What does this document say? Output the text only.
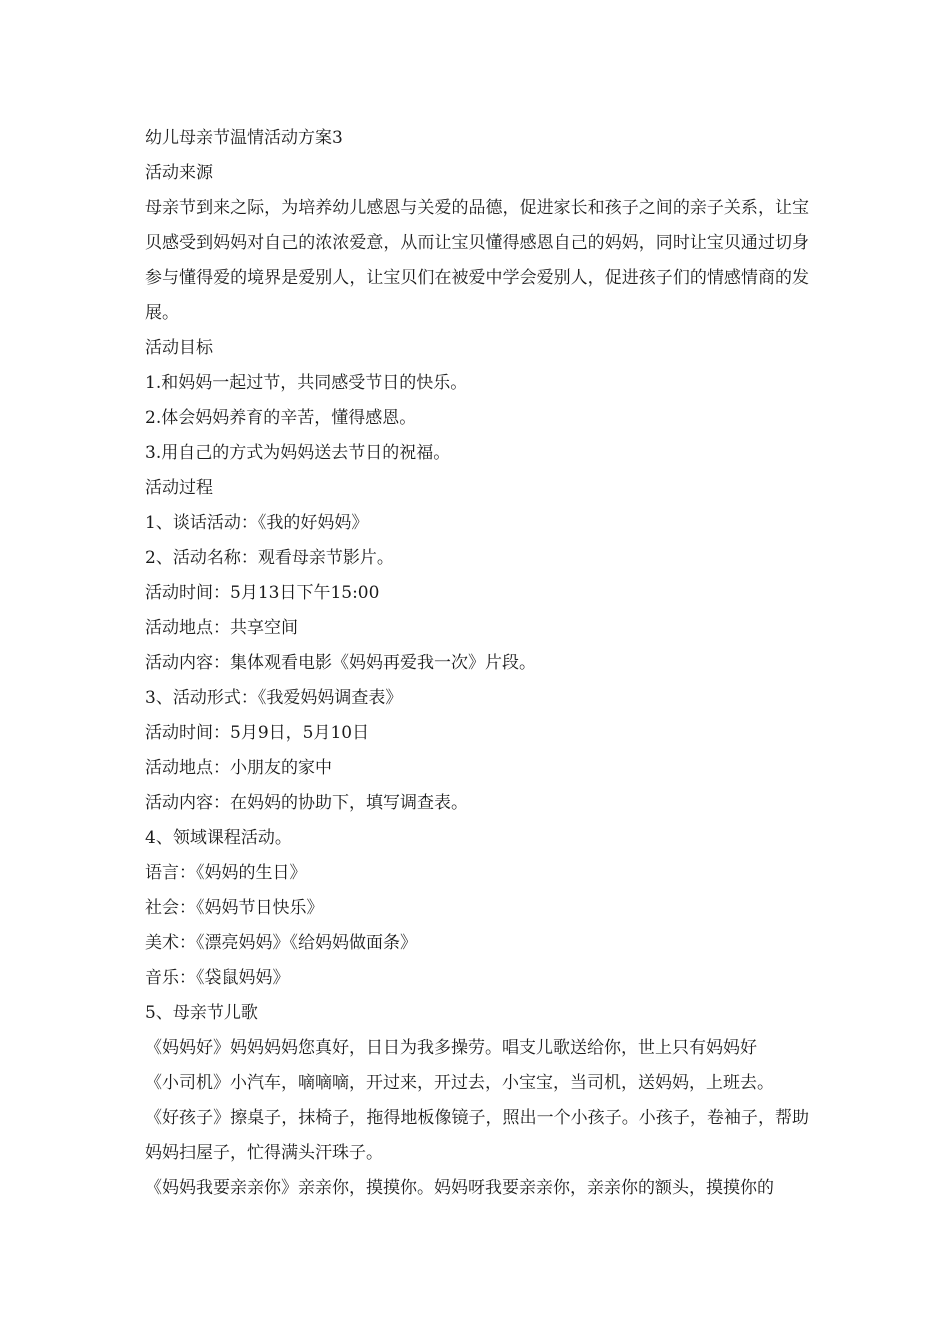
幼儿母亲节温情活动方案3

活动来源

母亲节到来之际，为培养幼儿感恩与关爱的品德，促进家长和孩子之间的亲子关系，让宝贝感受到妈妈对自己的浓浓爱意，从而让宝贝懂得感恩自己的妈妈，同时让宝贝通过切身参与懂得爱的境界是爱别人，让宝贝们在被爱中学会爱别人，促进孩子们的情感情商的发展。

活动目标

1.和妈妈一起过节，共同感受节日的快乐。

2.体会妈妈养育的辛苦，懂得感恩。

3.用自己的方式为妈妈送去节日的祝福。

活动过程

1、谈话活动：《我的好妈妈》

2、活动名称：观看母亲节影片。

活动时间：5月13日下午15:00

活动地点：共享空间

活动内容：集体观看电影《妈妈再爱我一次》片段。

3、活动形式：《我爱妈妈调查表》

活动时间：5月9日，5月10日

活动地点：小朋友的家中

活动内容：在妈妈的协助下，填写调查表。

4、领域课程活动。

语言：《妈妈的生日》

社会：《妈妈节日快乐》

美术：《漂亮妈妈》《给妈妈做面条》

音乐：《袋鼠妈妈》

5、母亲节儿歌

《妈妈好》妈妈妈妈您真好，日日为我多操劳。唱支儿歌送给你，世上只有妈妈好

《小司机》小汽车，嘀嘀嘀，开过来，开过去，小宝宝，当司机，送妈妈，上班去。

《好孩子》擦桌子，抹椅子，拖得地板像镜子，照出一个小孩子。小孩子，卷袖子，帮助妈妈扫屋子，忙得满头汗珠子。

《妈妈我要亲亲你》亲亲你，摸摸你。妈妈呀我要亲亲你，亲亲你的额头，摸摸你的
